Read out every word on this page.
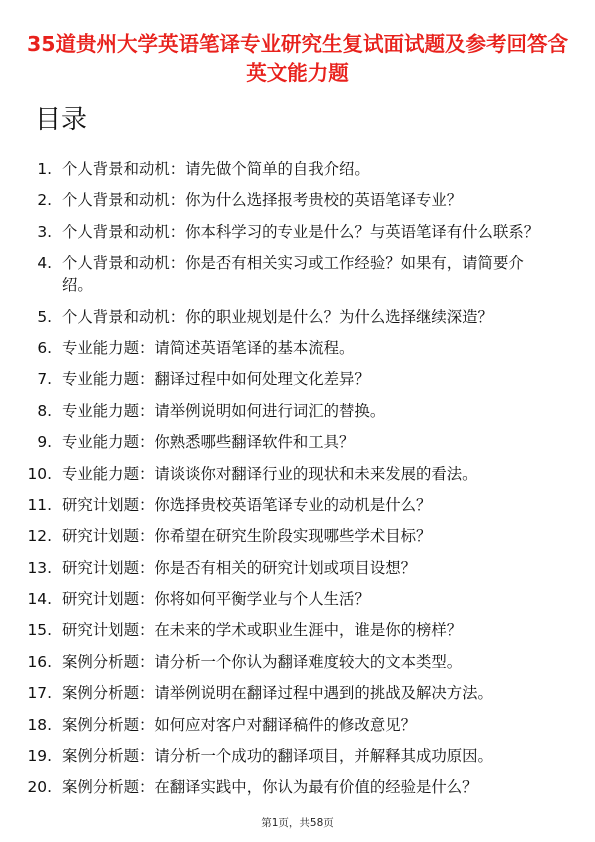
35道贵州大学英语笔译专业研究生复试面试题及参考回答含英文能力题
目录
1. 个人背景和动机：请先做个简单的自我介绍。
2. 个人背景和动机：你为什么选择报考贵校的英语笔译专业？
3. 个人背景和动机：你本科学习的专业是什么？与英语笔译有什么联系？
4. 个人背景和动机：你是否有相关实习或工作经验？如果有，请简要介绍。
5. 个人背景和动机：你的职业规划是什么？为什么选择继续深造？
6. 专业能力题：请简述英语笔译的基本流程。
7. 专业能力题：翻译过程中如何处理文化差异？
8. 专业能力题：请举例说明如何进行词汇的替换。
9. 专业能力题：你熟悉哪些翻译软件和工具？
10. 专业能力题：请谈谈你对翻译行业的现状和未来发展的看法。
11. 研究计划题：你选择贵校英语笔译专业的动机是什么？
12. 研究计划题：你希望在研究生阶段实现哪些学术目标？
13. 研究计划题：你是否有相关的研究计划或项目设想？
14. 研究计划题：你将如何平衡学业与个人生活？
15. 研究计划题：在未来的学术或职业生涯中，谁是你的榜样？
16. 案例分析题：请分析一个你认为翻译难度较大的文本类型。
17. 案例分析题：请举例说明在翻译过程中遇到的挑战及解决方法。
18. 案例分析题：如何应对客户对翻译稿件的修改意见？
19. 案例分析题：请分析一个成功的翻译项目，并解释其成功原因。
20. 案例分析题：在翻译实践中，你认为最有价值的经验是什么？
第1页，共58页
